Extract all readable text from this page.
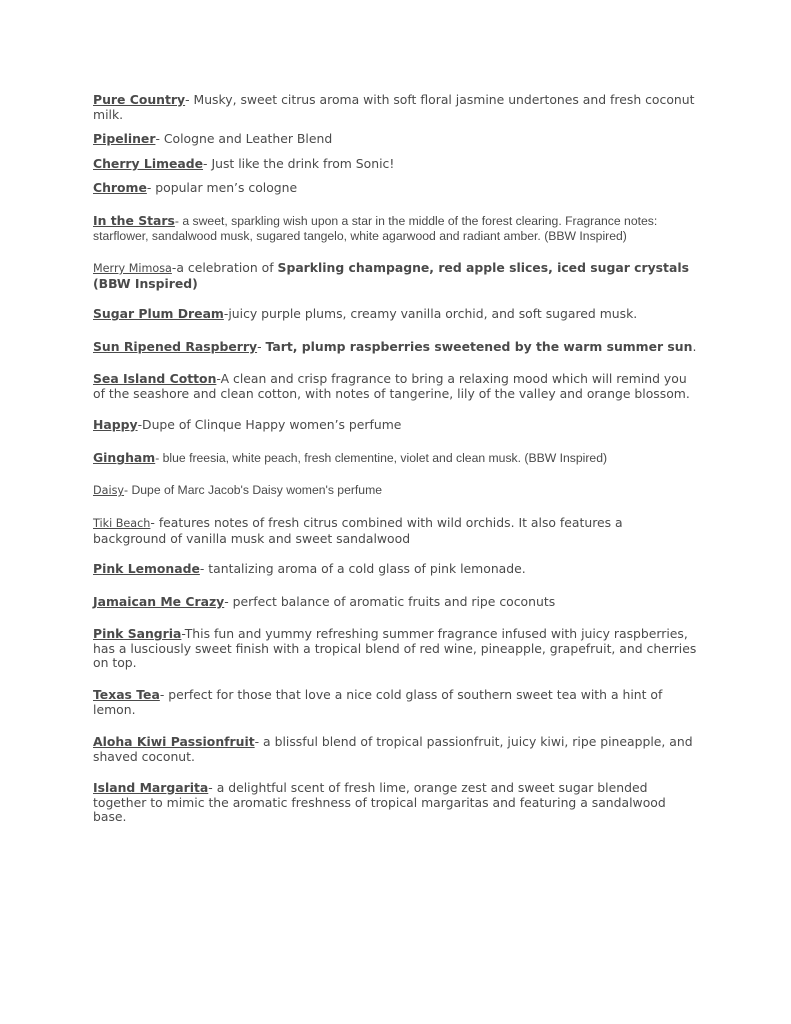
Pure Country- Musky, sweet citrus aroma with soft floral jasmine undertones and fresh coconut milk.

Pipeliner- Cologne and Leather Blend

Cherry Limeade- Just like the drink from Sonic!

Chrome- popular men’s cologne

In the Stars- a sweet, sparkling wish upon a star in the middle of the forest clearing. Fragrance notes: starflower, sandalwood musk, sugared tangelo, white agarwood and radiant amber. (BBW Inspired)

Merry Mimosa-a celebration of Sparkling champagne, red apple slices, iced sugar crystals (BBW Inspired)

Sugar Plum Dream-juicy purple plums, creamy vanilla orchid, and soft sugared musk.

Sun Ripened Raspberry- Tart, plump raspberries sweetened by the warm summer sun.

Sea Island Cotton-A clean and crisp fragrance to bring a relaxing mood which will remind you of the seashore and clean cotton, with notes of tangerine, lily of the valley and orange blossom.

Happy-Dupe of Clinque Happy women’s perfume

Gingham- blue freesia, white peach, fresh clementine, violet and clean musk. (BBW Inspired)

Daisy- Dupe of Marc Jacob's Daisy women's perfume

Tiki Beach- features notes of fresh citrus combined with wild orchids. It also features a background of vanilla musk and sweet sandalwood

Pink Lemonade- tantalizing aroma of a cold glass of pink lemonade.

Jamaican Me Crazy- perfect balance of aromatic fruits and ripe coconuts

Pink Sangria-This fun and yummy refreshing summer fragrance infused with juicy raspberries, has a lusciously sweet finish with a tropical blend of red wine, pineapple, grapefruit, and cherries on top.

Texas Tea- perfect for those that love a nice cold glass of southern sweet tea with a hint of lemon.

Aloha Kiwi Passionfruit- a blissful blend of tropical passionfruit, juicy kiwi, ripe pineapple, and shaved coconut.

Island Margarita- a delightful scent of fresh lime, orange zest and sweet sugar blended together to mimic the aromatic freshness of tropical margaritas and featuring a sandalwood base.
